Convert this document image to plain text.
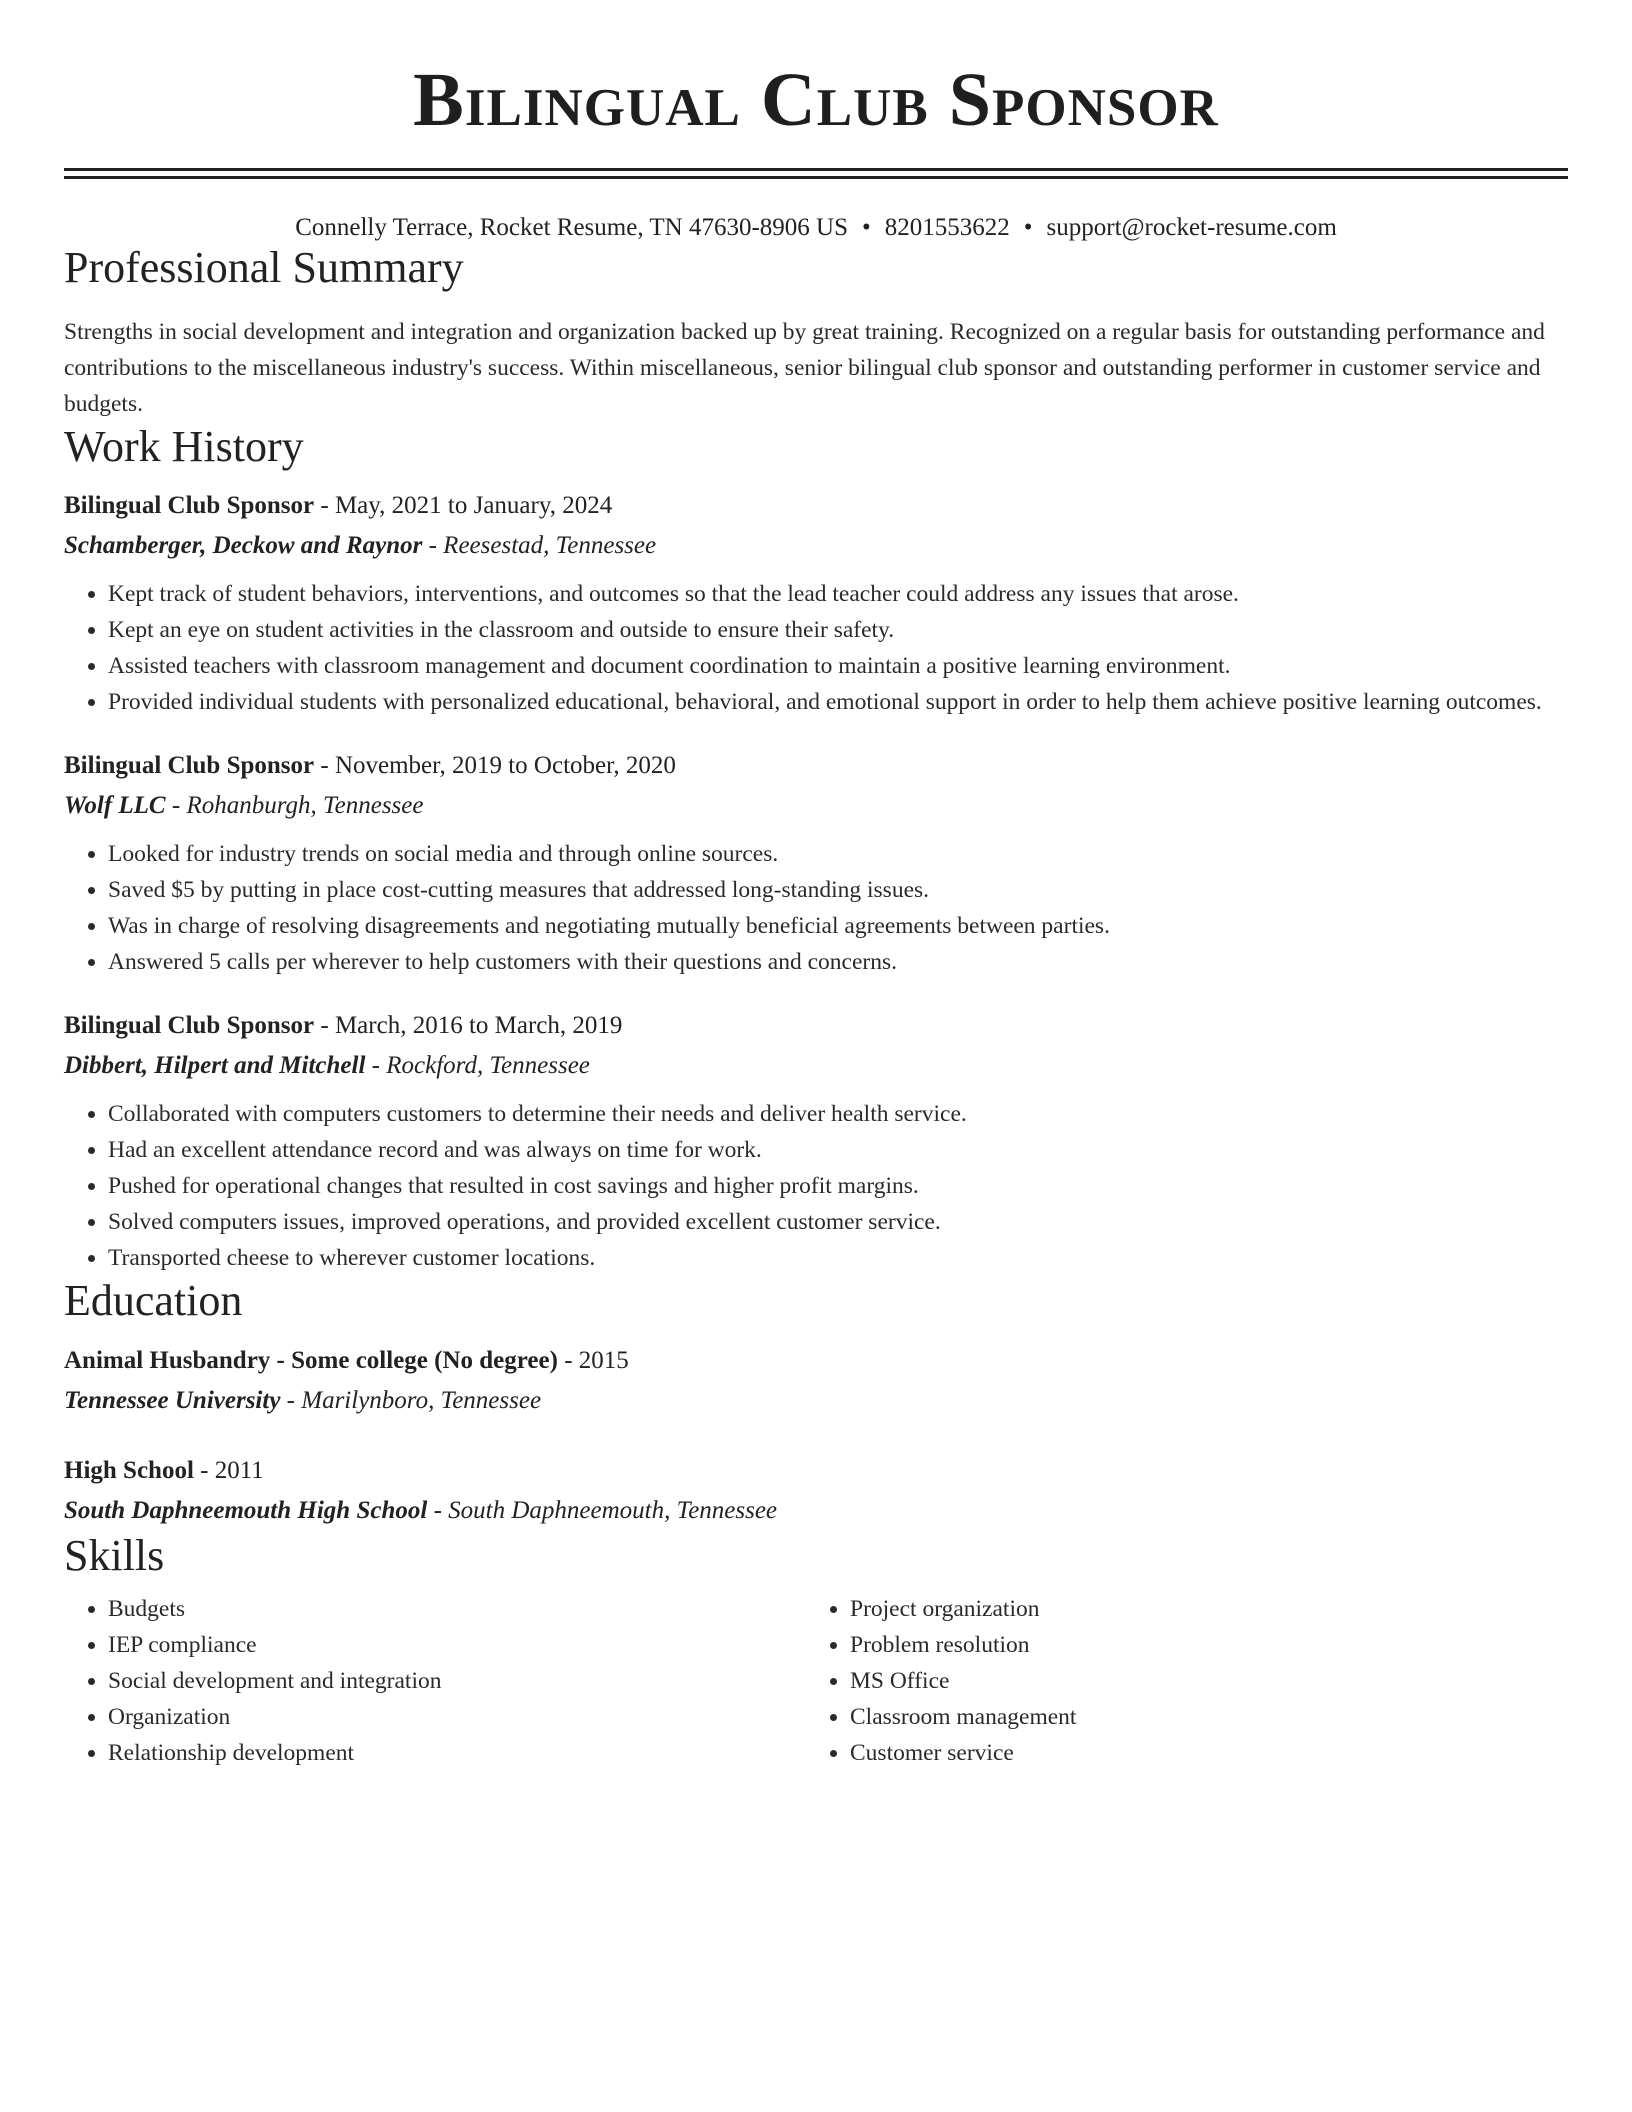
Bilingual Club Sponsor
Connelly Terrace, Rocket Resume, TN 47630-8906 US • 8201553622 • support@rocket-resume.com
Professional Summary
Strengths in social development and integration and organization backed up by great training. Recognized on a regular basis for outstanding performance and contributions to the miscellaneous industry's success. Within miscellaneous, senior bilingual club sponsor and outstanding performer in customer service and budgets.
Work History
Bilingual Club Sponsor - May, 2021 to January, 2024
Schamberger, Deckow and Raynor - Reesestad, Tennessee
• Kept track of student behaviors, interventions, and outcomes so that the lead teacher could address any issues that arose.
• Kept an eye on student activities in the classroom and outside to ensure their safety.
• Assisted teachers with classroom management and document coordination to maintain a positive learning environment.
• Provided individual students with personalized educational, behavioral, and emotional support in order to help them achieve positive learning outcomes.
Bilingual Club Sponsor - November, 2019 to October, 2020
Wolf LLC - Rohanburgh, Tennessee
• Looked for industry trends on social media and through online sources.
• Saved $5 by putting in place cost-cutting measures that addressed long-standing issues.
• Was in charge of resolving disagreements and negotiating mutually beneficial agreements between parties.
• Answered 5 calls per wherever to help customers with their questions and concerns.
Bilingual Club Sponsor - March, 2016 to March, 2019
Dibbert, Hilpert and Mitchell - Rockford, Tennessee
• Collaborated with computers customers to determine their needs and deliver health service.
• Had an excellent attendance record and was always on time for work.
• Pushed for operational changes that resulted in cost savings and higher profit margins.
• Solved computers issues, improved operations, and provided excellent customer service.
• Transported cheese to wherever customer locations.
Education
Animal Husbandry - Some college (No degree) - 2015
Tennessee University - Marilynboro, Tennessee
High School - 2011
South Daphneemouth High School - South Daphneemouth, Tennessee
Skills
• Budgets
• IEP compliance
• Social development and integration
• Organization
• Relationship development
• Project organization
• Problem resolution
• MS Office
• Classroom management
• Customer service
